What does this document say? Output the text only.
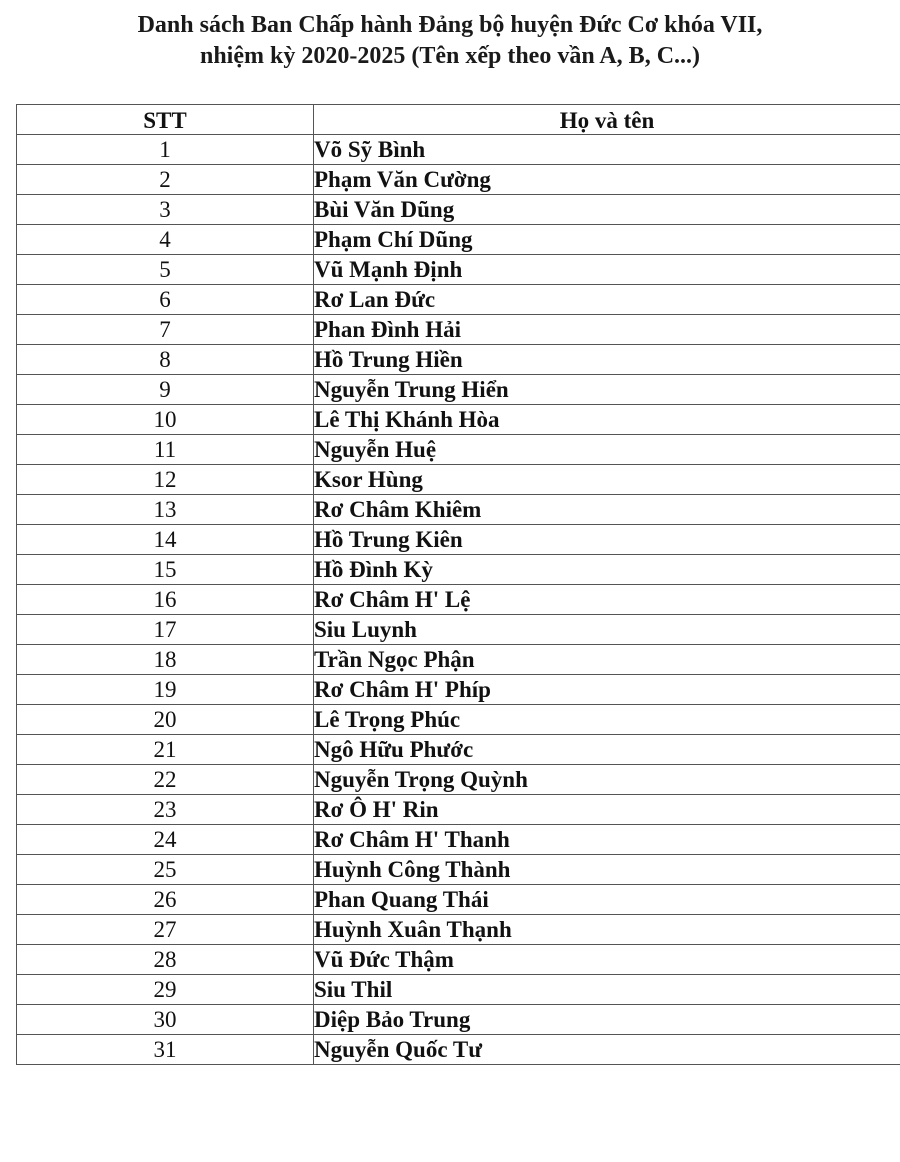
Danh sách Ban Chấp hành Đảng bộ huyện Đức Cơ khóa VII,
nhiệm kỳ 2020-2025 (Tên xếp theo vần A, B, C...)
STT	Họ và tên
1	Võ Sỹ Bình
2	Phạm Văn Cường
3	Bùi Văn Dũng
4	Phạm Chí Dũng
5	Vũ Mạnh Định
6	Rơ Lan Đức
7	Phan Đình Hải
8	Hồ Trung Hiền
9	Nguyễn Trung Hiển
10	Lê Thị Khánh Hòa
11	Nguyễn Huệ
12	Ksor Hùng
13	Rơ Châm Khiêm
14	Hồ Trung Kiên
15	Hồ Đình Kỳ
16	Rơ Châm H' Lệ
17	Siu Luynh
18	Trần Ngọc Phận
19	Rơ Châm H' Phíp
20	Lê Trọng Phúc
21	Ngô Hữu Phước
22	Nguyễn Trọng Quỳnh
23	Rơ Ô H' Rin
24	Rơ Châm H' Thanh
25	Huỳnh Công Thành
26	Phan Quang Thái
27	Huỳnh Xuân Thạnh
28	Vũ Đức Thậm
29	Siu Thil
30	Diệp Bảo Trung
31	Nguyễn Quốc Tư
